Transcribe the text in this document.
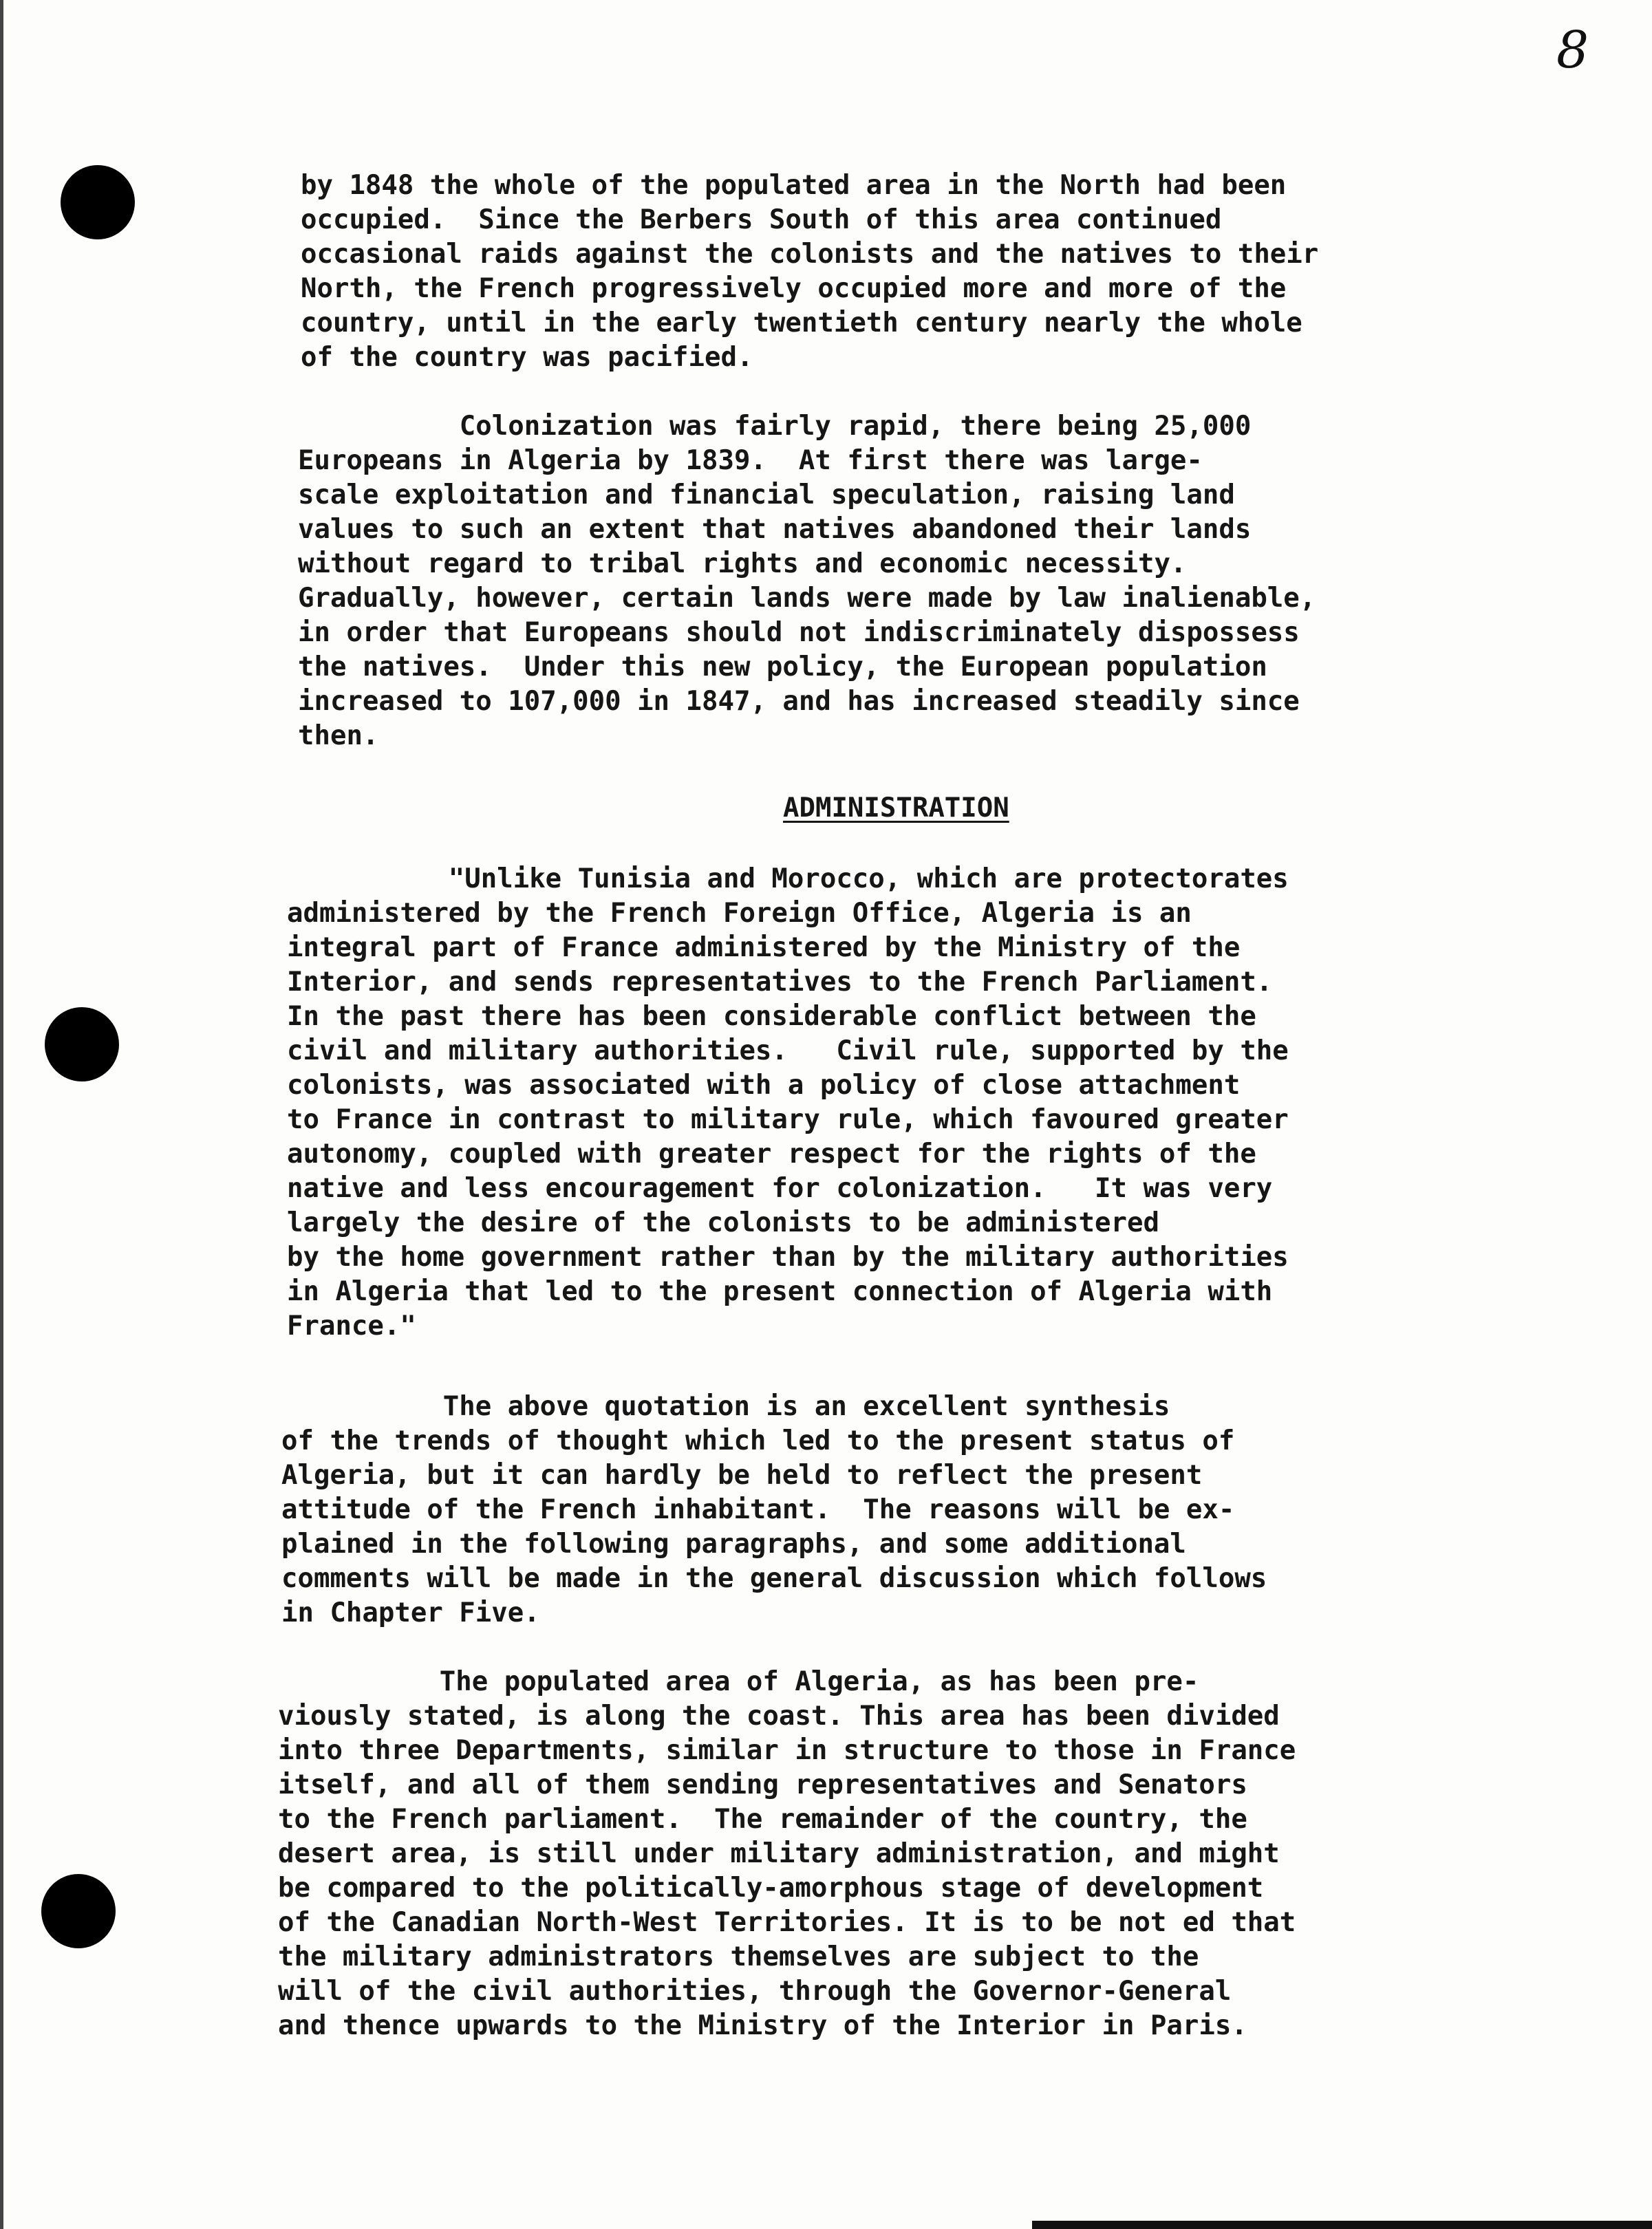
8
by 1848 the whole of the populated area in the North had been
occupied.  Since the Berbers South of this area continued
occasional raids against the colonists and the natives to their
North, the French progressively occupied more and more of the
country, until in the early twentieth century nearly the whole
of the country was pacified.
Colonization was fairly rapid, there being 25,000
Europeans in Algeria by 1839.  At first there was large-
scale exploitation and financial speculation, raising land
values to such an extent that natives abandoned their lands
without regard to tribal rights and economic necessity.
Gradually, however, certain lands were made by law inalienable,
in order that Europeans should not indiscriminately dispossess
the natives.  Under this new policy, the European population
increased to 107,000 in 1847, and has increased steadily since
then.
ADMINISTRATION
"Unlike Tunisia and Morocco, which are protectorates
administered by the French Foreign Office, Algeria is an
integral part of France administered by the Ministry of the
Interior, and sends representatives to the French Parliament.
In the past there has been considerable conflict between the
civil and military authorities.   Civil rule, supported by the
colonists, was associated with a policy of close attachment
to France in contrast to military rule, which favoured greater
autonomy, coupled with greater respect for the rights of the
native and less encouragement for colonization.   It was very
largely the desire of the colonists to be administered
by the home government rather than by the military authorities
in Algeria that led to the present connection of Algeria with
France."
The above quotation is an excellent synthesis
of the trends of thought which led to the present status of
Algeria, but it can hardly be held to reflect the present
attitude of the French inhabitant.  The reasons will be ex-
plained in the following paragraphs, and some additional
comments will be made in the general discussion which follows
in Chapter Five.
The populated area of Algeria, as has been pre-
viously stated, is along the coast. This area has been divided
into three Departments, similar in structure to those in France
itself, and all of them sending representatives and Senators
to the French parliament.  The remainder of the country, the
desert area, is still under military administration, and might
be compared to the politically-amorphous stage of development
of the Canadian North-West Territories. It is to be not ed that
the military administrators themselves are subject to the
will of the civil authorities, through the Governor-General
and thence upwards to the Ministry of the Interior in Paris.
